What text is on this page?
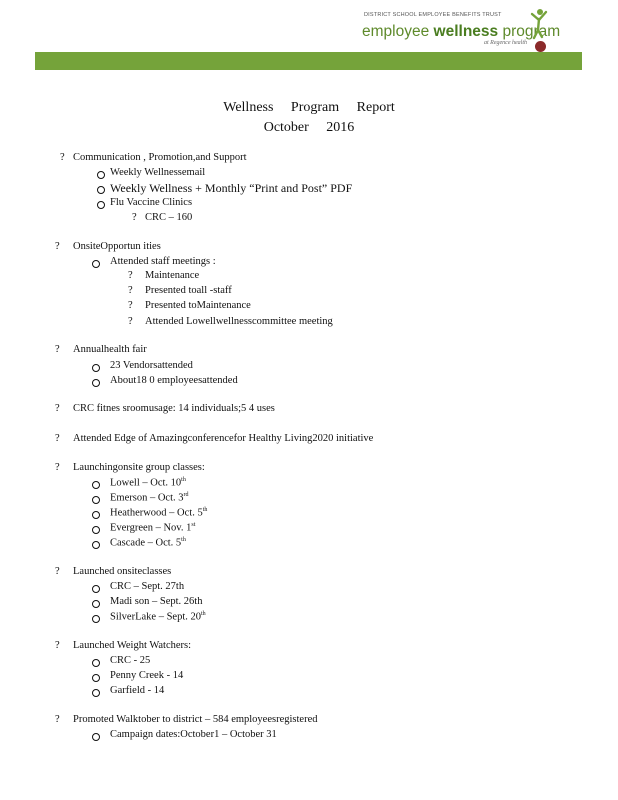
DISTRICT SCHOOL EMPLOYEE BENEFITS TRUST
employee wellness program
at Regence health
Wellness Program Report
October 2016
? Communication , Promotion,and Support
Weekly Wellnessemail
Weekly Wellness + Monthly “Print and Post” PDF
Flu Vaccine Clinics
? CRC – 160
? OnsiteOpportun ities
Attended staff meetings :
? Maintenance
? Presented toall -staff
? Presented toMaintenance
? Attended Lowellwellnesscommittee meeting
? Annualhealth fair
23 Vendorsattended
About18 0 employeesattended
? CRC fitnes sroomusage: 14 individuals;5 4 uses
? Attended Edge of Amazingconferencefor Healthy Living2020 initiative
? Launchingonsite group classes:
Lowell – Oct. 10th
Emerson – Oct. 3rd
Heatherwood – Oct. 5th
Evergreen – Nov. 1st
Cascade – Oct. 5th
? Launched onsiteclasses
CRC – Sept. 27th
Madi son – Sept. 26th
SilverLake – Sept. 20th
? Launched Weight Watchers:
CRC - 25
Penny Creek - 14
Garfield - 14
? Promoted Walktober to district – 584 employeesregistered
Campaign dates:October1 – October 31
